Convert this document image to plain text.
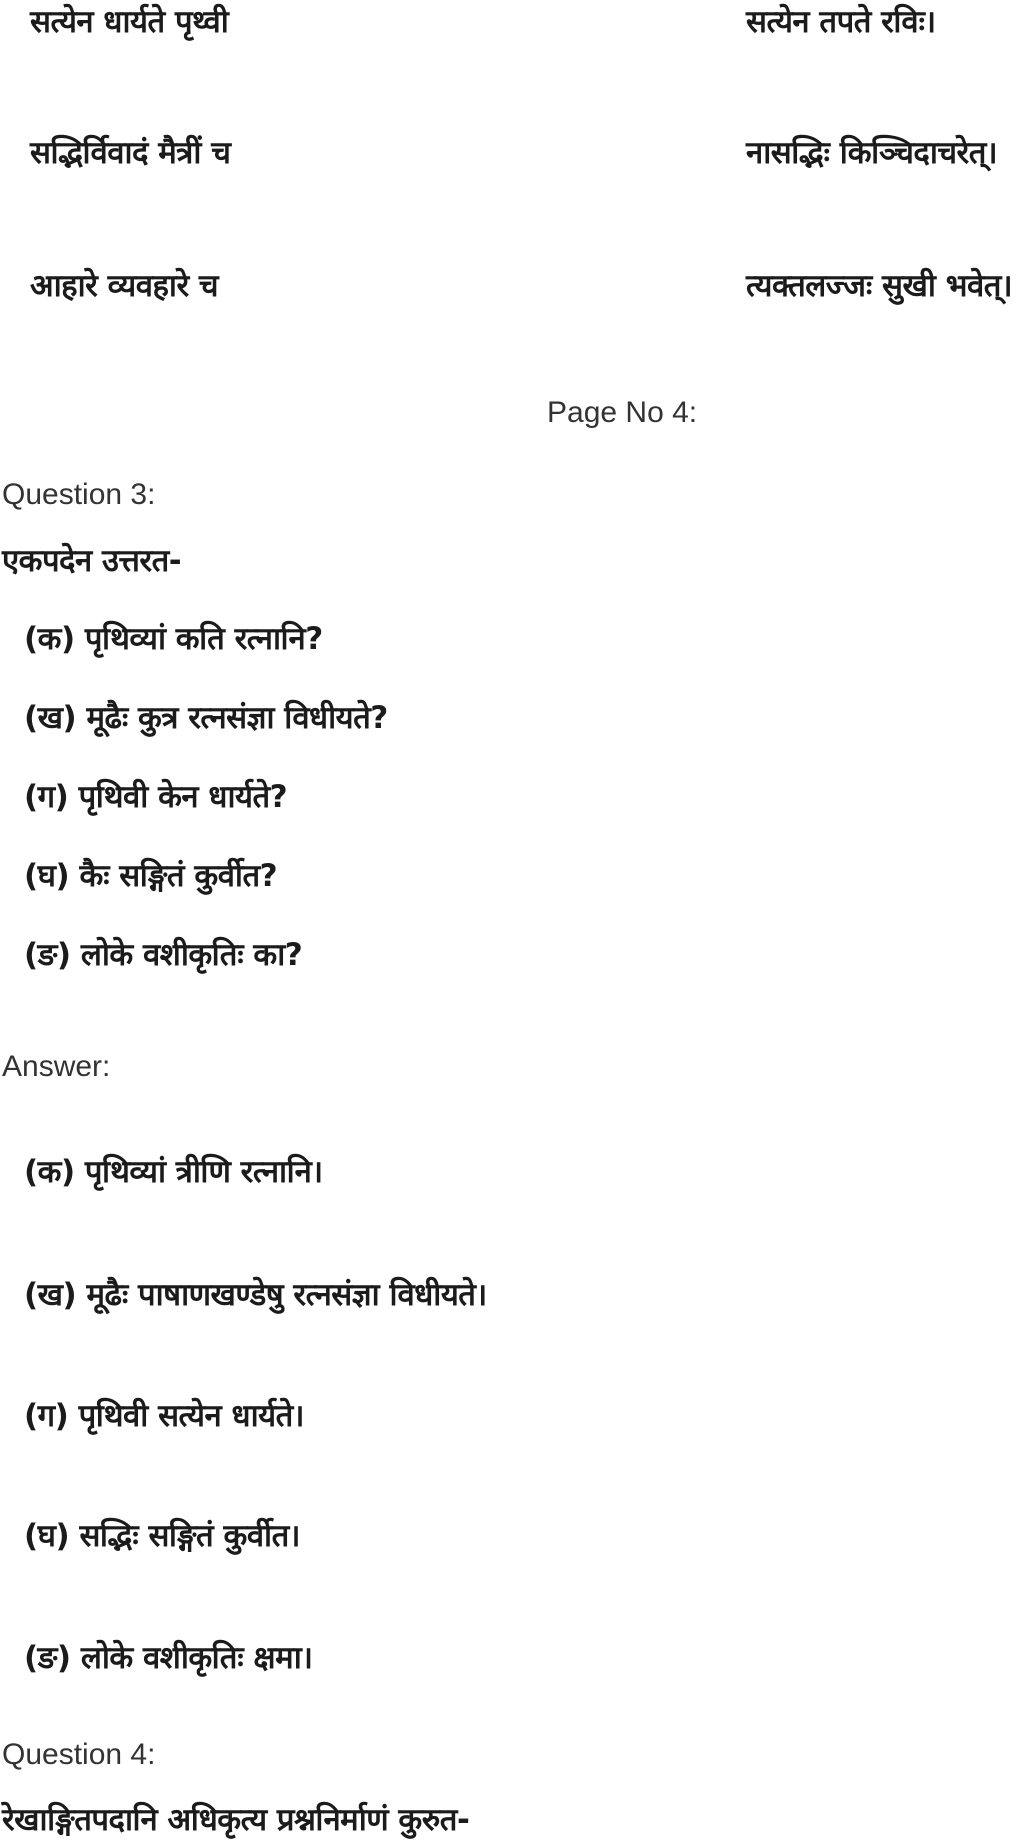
सत्येन धार्यते पृथ्वी	सत्येन तपते रविः।
सद्भिर्विवादं मैत्रीं च	नासद्भिः किञ्चिदाचरेत्।
आहारे व्यवहारे च	त्यक्तलज्जः सुखी भवेत्।
Page No 4:
Question 3:
एकपदेन उत्तरत-
(क) पृथिव्यां कति रत्नानि?
(ख) मूढैः कुत्र रत्नसंज्ञा विधीयते?
(ग) पृथिवी केन धार्यते?
(घ) कैः सङ्गितं कुर्वीत?
(ङ) लोके वशीकृतिः का?
Answer:
(क) पृथिव्यां त्रीणि रत्नानि।
(ख) मूढैः पाषाणखण्डेषु रत्नसंज्ञा विधीयते।
(ग) पृथिवी सत्येन धार्यते।
(घ) सद्भिः सङ्गितं कुर्वीत।
(ङ) लोके वशीकृतिः क्षमा।
Question 4:
रेखाङ्गितपदानि अधिकृत्य प्रश्ननिर्माणं कुरुत-
